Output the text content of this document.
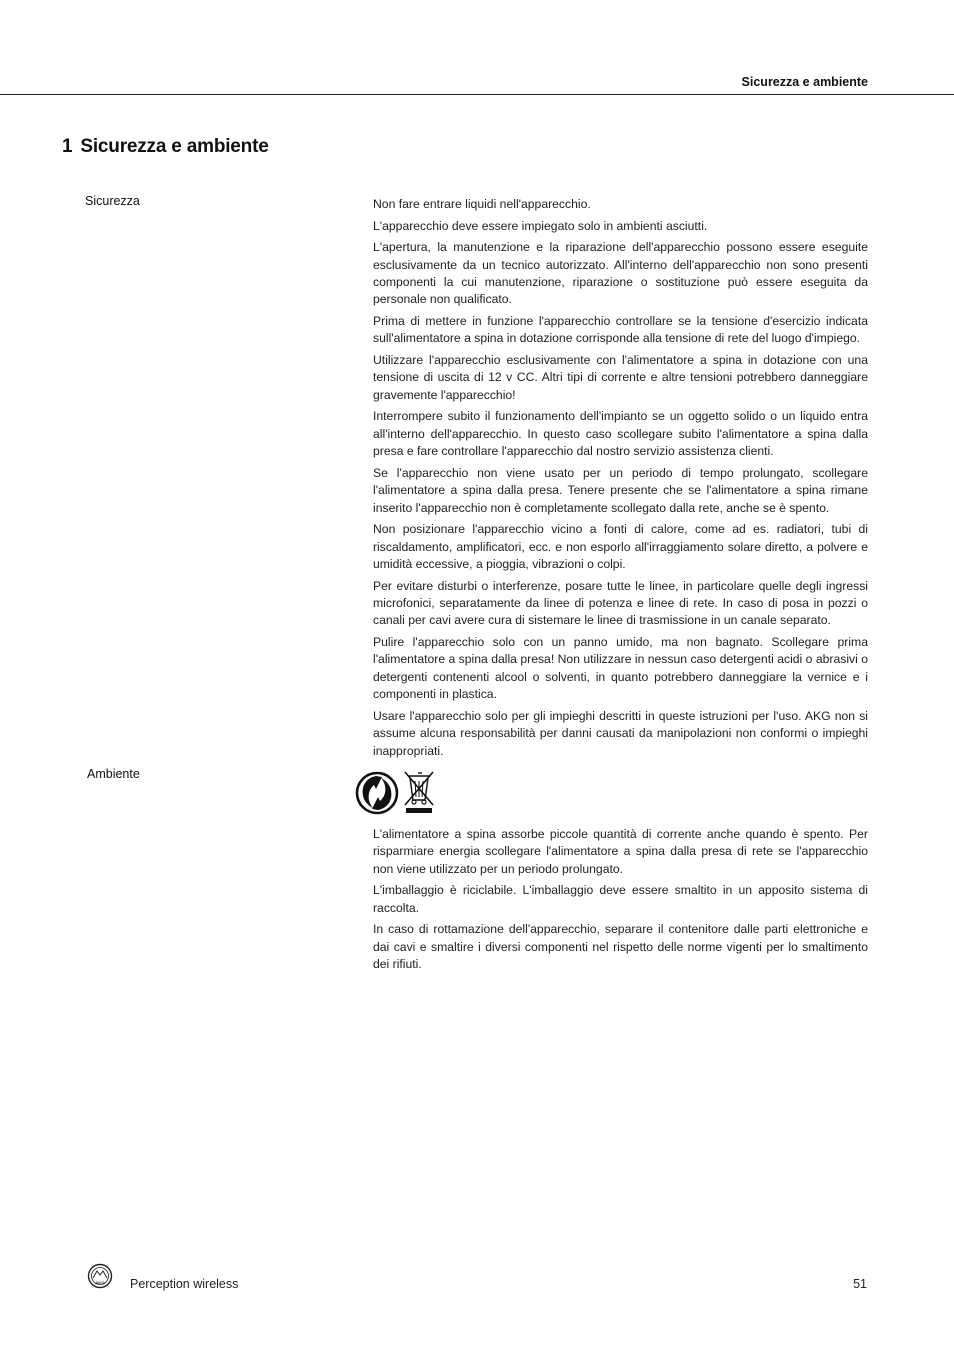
Sicurezza e ambiente
1 Sicurezza e ambiente
Sicurezza	Non fare entrare liquidi nell'apparecchio.

L'apparecchio deve essere impiegato solo in ambienti asciutti.

L'apertura, la manutenzione e la riparazione dell'apparecchio possono essere eseguite esclusivamente da un tecnico autorizzato. All'interno dell'apparecchio non sono presenti componenti la cui manutenzione, riparazione o sostituzione può essere eseguita da personale non qualificato.

Prima di mettere in funzione l'apparecchio controllare se la tensione d'esercizio indicata sull'alimentatore a spina in dotazione corrisponde alla tensione di rete del luogo d'impiego.

Utilizzare l'apparecchio esclusivamente con l'alimentatore a spina in dotazione con una tensione di uscita di 12 v CC. Altri tipi di corrente e altre tensioni potrebbero danneggiare gravemente l'apparecchio!

Interrompere subito il funzionamento dell'impianto se un oggetto solido o un liquido entra all'interno dell'apparecchio. In questo caso scollegare subito l'alimentatore a spina dalla presa e fare controllare l'apparecchio dal nostro servizio assistenza clienti.

Se l'apparecchio non viene usato per un periodo di tempo prolungato, scollegare l'alimentatore a spina dalla presa. Tenere presente che se l'alimentatore a spina rimane inserito l'apparecchio non è completamente scollegato dalla rete, anche se è spento.

Non posizionare l'apparecchio vicino a fonti di calore, come ad es. radiatori, tubi di riscaldamento, amplificatori, ecc. e non esporlo all'irraggiamento solare diretto, a polvere e umidità eccessive, a pioggia, vibrazioni o colpi.

Per evitare disturbi o interferenze, posare tutte le linee, in particolare quelle degli ingressi microfonici, separatamente da linee di potenza e linee di rete. In caso di posa in pozzi o canali per cavi avere cura di sistemare le linee di trasmissione in un canale separato.

Pulire l'apparecchio solo con un panno umido, ma non bagnato. Scollegare prima l'alimentatore a spina dalla presa! Non utilizzare in nessun caso detergenti acidi o abrasivi o detergenti contenenti alcool o solventi, in quanto potrebbero danneggiare la vernice e i componenti in plastica.

Usare l'apparecchio solo per gli impieghi descritti in queste istruzioni per l'uso. AKG non si assume alcuna responsabilità per danni causati da manipolazioni non conformi o impieghi inappropriati.

Ambiente

L'alimentatore a spina assorbe piccole quantità di corrente anche quando è spento. Per risparmiare energia scollegare l'alimentatore a spina dalla presa di rete se l'apparecchio non viene utilizzato per un periodo prolungato.

L'imballaggio è riciclabile. L'imballaggio deve essere smaltito in un apposito sistema di raccolta.

In caso di rottamazione dell'apparecchio, separare il contenitore dalle parti elettroniche e dai cavi e smaltire i diversi componenti nel rispetto delle norme vigenti per lo smaltimento dei rifiuti.

AKG Perception wireless	51
